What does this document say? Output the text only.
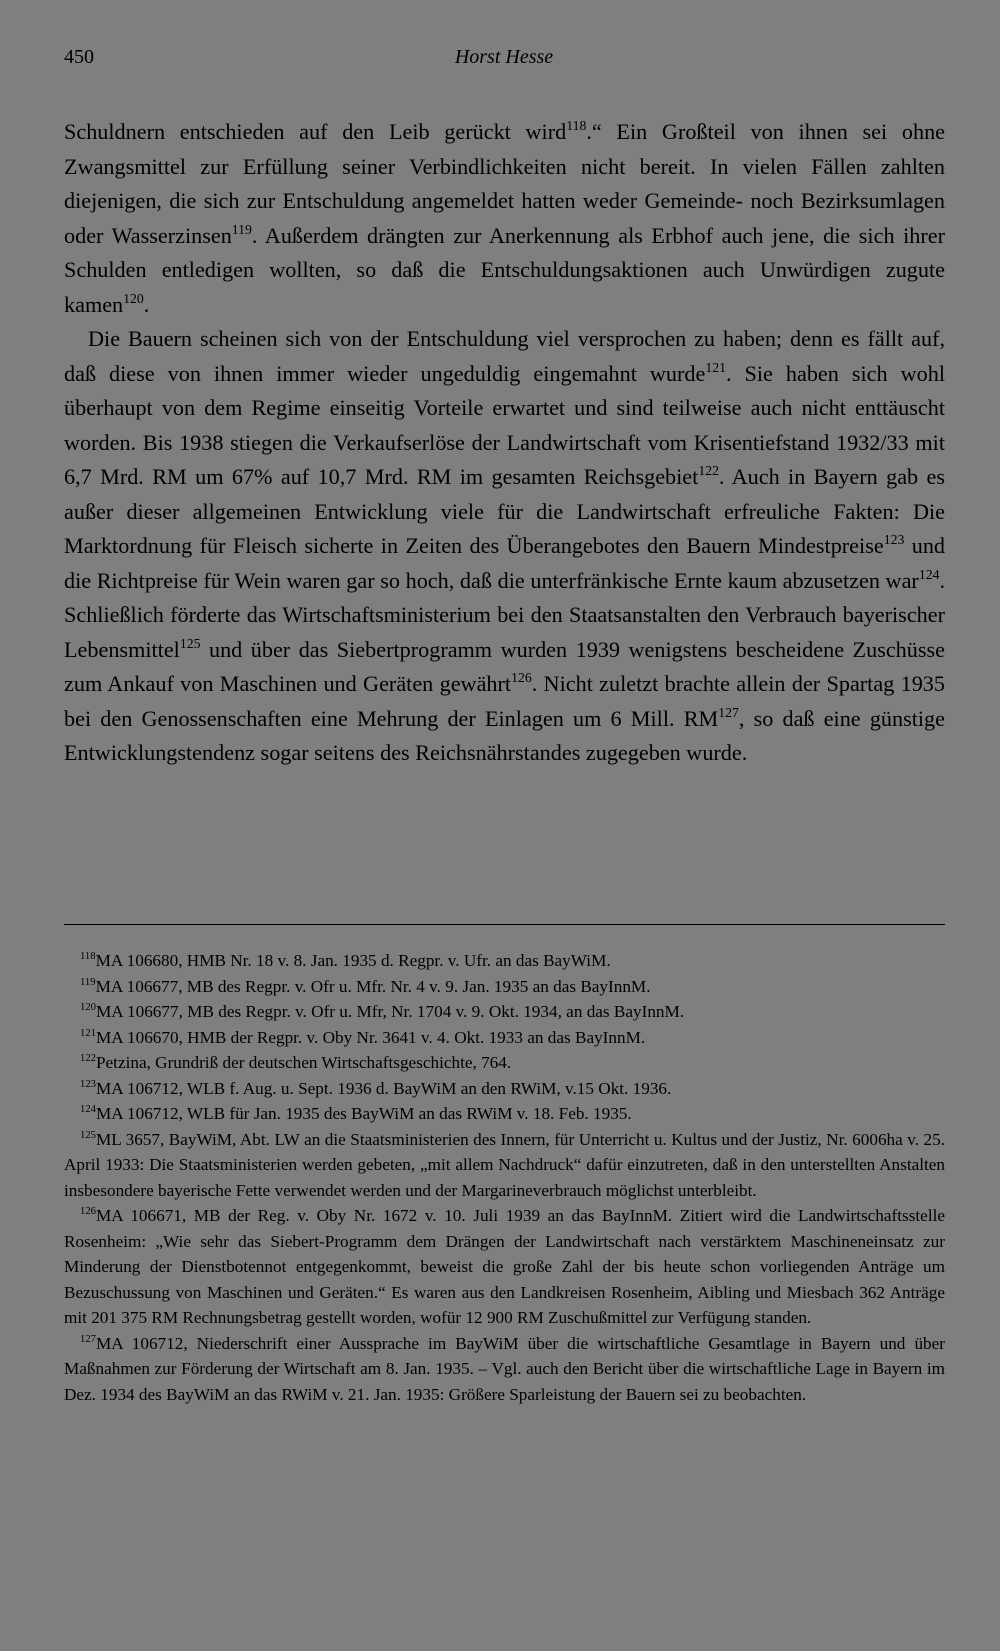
450	Horst Hesse

Schuldnern entschieden auf den Leib gerückt wird$^{118}$.“ Ein Großteil von ihnen sei ohne Zwangsmittel zur Erfüllung seiner Verbindlichkeiten nicht bereit. In vielen Fällen zahlten diejenigen, die sich zur Entschuldung angemeldet hatten weder Gemeinde- noch Bezirksumlagen oder Wasserzinsen$^{119}$. Außerdem drängten zur Anerkennung als Erbhof auch jene, die sich ihrer Schulden entledigen wollten, so daß die Entschuldungsaktionen auch Unwürdigen zugute kamen$^{120}$.

Die Bauern scheinen sich von der Entschuldung viel versprochen zu haben; denn es fällt auf, daß diese von ihnen immer wieder ungeduldig eingemahnt wurde$^{121}$. Sie haben sich wohl überhaupt von dem Regime einseitig Vorteile erwartet und sind teilweise auch nicht enttäuscht worden. Bis 1938 stiegen die Verkaufserlöse der Landwirtschaft vom Krisentiefstand 1932/33 mit 6,7 Mrd. RM um 67% auf 10,7 Mrd. RM im gesamten Reichsgebiet$^{122}$. Auch in Bayern gab es außer dieser allgemeinen Entwicklung viele für die Landwirtschaft erfreuliche Fakten: Die Marktordnung für Fleisch sicherte in Zeiten des Überangebotes den Bauern Mindestpreise$^{123}$ und die Richtpreise für Wein waren gar so hoch, daß die unterfränkische Ernte kaum abzusetzen war$^{124}$. Schließlich förderte das Wirtschaftsministerium bei den Staatsanstalten den Verbrauch bayerischer Lebensmittel$^{125}$ und über das Siebertprogramm wurden 1939 wenigstens bescheidene Zuschüsse zum Ankauf von Maschinen und Geräten gewährt$^{126}$. Nicht zuletzt brachte allein der Spartag 1935 bei den Genossenschaften eine Mehrung der Einlagen um 6 Mill. RM$^{127}$, so daß eine günstige Entwicklungstendenz sogar seitens des Reichsnährstandes zugegeben wurde.

$^{118}$MA 106680, HMB Nr. 18 v. 8. Jan. 1935 d. Regpr. v. Ufr. an das BayWiM.

$^{119}$MA 106677, MB des Regpr. v. Ofr u. Mfr. Nr. 4 v. 9. Jan. 1935 an das BayInnM.

$^{120}$MA 106677, MB des Regpr. v. Ofr u. Mfr, Nr. 1704 v. 9. Okt. 1934, an das BayInnM.

$^{121}$MA 106670, HMB der Regpr. v. Oby Nr. 3641 v. 4. Okt. 1933 an das BayInnM.

$^{122}$Petzina, Grundriß der deutschen Wirtschaftsgeschichte, 764.

$^{123}$MA 106712, WLB f. Aug. u. Sept. 1936 d. BayWiM an den RWiM, v.15 Okt. 1936.

$^{124}$MA 106712, WLB für Jan. 1935 des BayWiM an das RWiM v. 18. Feb. 1935.

$^{125}$ML 3657, BayWiM, Abt. LW an die Staatsministerien des Innern, für Unterricht u. Kultus und der Justiz, Nr. 6006ha v. 25. April 1933: Die Staatsministerien werden gebeten, „mit allem Nachdruck“ dafür einzutreten, daß in den unterstellten Anstalten insbesondere bayerische Fette verwendet werden und der Margarineverbrauch möglichst unterbleibt.

$^{126}$MA 106671, MB der Reg. v. Oby Nr. 1672 v. 10. Juli 1939 an das BayInnM. Zitiert wird die Landwirtschaftsstelle Rosenheim: „Wie sehr das Siebert-Programm dem Drängen der Landwirtschaft nach verstärktem Maschineneinsatz zur Minderung der Dienstbotennot entgegenkommt, beweist die große Zahl der bis heute schon vorliegenden Anträge um Bezuschussung von Maschinen und Geräten.“ Es waren aus den Landkreisen Rosenheim, Aibling und Miesbach 362 Anträge mit 201 375 RM Rechnungsbetrag gestellt worden, wofür 12 900 RM Zuschußmittel zur Verfügung standen.

$^{127}$MA 106712, Niederschrift einer Aussprache im BayWiM über die wirtschaftliche Gesamtlage in Bayern und über Maßnahmen zur Förderung der Wirtschaft am 8. Jan. 1935. – Vgl. auch den Bericht über die wirtschaftliche Lage in Bayern im Dez. 1934 des BayWiM an das RWiM v. 21. Jan. 1935: Größere Sparleistung der Bauern sei zu beobachten.
